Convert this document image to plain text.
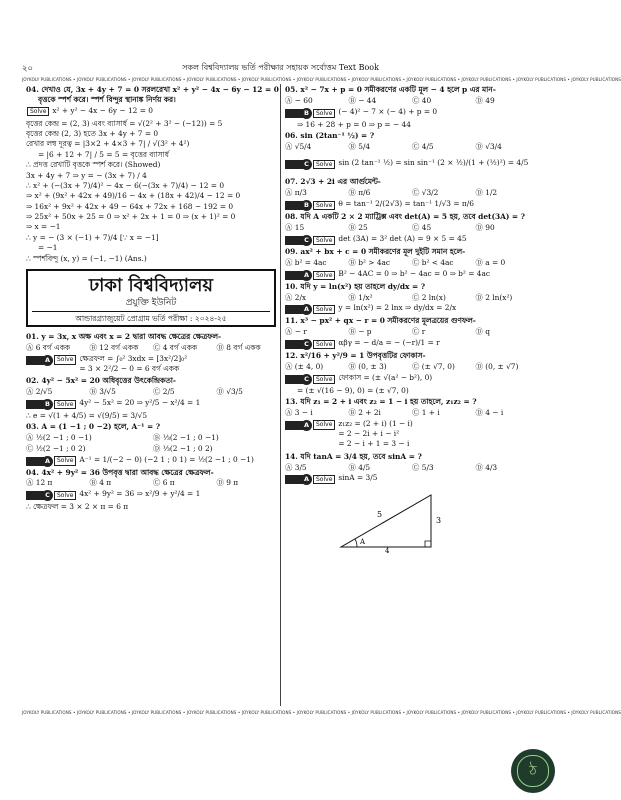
২০	সকল বিশ্ববিদ্যালয় ভর্তি পরীক্ষার সহায়ক সর্বোত্তম Text Book
JOYKOLY PUBLICATIONS • JOYKOLY PUBLICATIONS • JOYKOLY PUBLICATIONS • JOYKOLY PUBLICATIONS • JOYKOLY PUBLICATIONS • JOYKOLY PUBLICATIONS • JOYKOLY PUBLICATIONS • JOYKOLY PUBLICATIONS • JOYKOLY PUBLICATIONS • JOYKOLY PUBLICATIONS • JOYKOLY PUBLICATIONS
04. দেখাও যে, 3x + 4y + 7 = 0 সরলরেখা x² + y² − 4x − 6y − 12 = 0
বৃত্তকে স্পর্শ করে। স্পর্শ বিন্দুর স্থানাঙ্ক নির্ণয় কর।
Solve x² + y² − 4x − 6y − 12 = 0
বৃত্তের কেন্দ্র = (2, 3) এবং ব্যাসার্ধ = √(2² + 3² − (−12)) = 5
বৃত্তের কেন্দ্র (2, 3) হতে 3x + 4y + 7 = 0
রেখার লম্ব দূরত্ব = |3×2 + 4×3 + 7| / √(3² + 4²)
= |6 + 12 + 7| / 5 = 5 = বৃত্তের ব্যাসার্ধ
∴ প্রদত্ত রেখাটি বৃত্তকে স্পর্শ করে। (Showed)
3x + 4y + 7 ⇒ y = − (3x + 7) / 4
∴ x² + (−(3x + 7)/4)² − 4x − 6(−(3x + 7)/4) − 12 = 0
⇒ x² + (9x² + 42x + 49)/16 − 4x + (18x + 42)/4 − 12 = 0
⇒ 16x² + 9x² + 42x + 49 − 64x + 72x + 168 − 192 = 0
⇒ 25x² + 50x + 25 = 0 ⇒ x² + 2x + 1 = 0 ⇒ (x + 1)² = 0
⇒ x = −1
∴ y = − (3 × (−1) + 7)/4 [∵ x = −1]
= −1
∴ স্পর্শবিন্দু (x, y) = (−1, −1) (Ans.)
ঢাকা বিশ্ববিদ্যালয়
প্রযুক্তি ইউনিট
আন্ডারগ্র্যাজুয়েট প্রোগ্রাম ভর্তি পরীক্ষা : ২০২৪-২৫
01. y = 3x, x অক্ষ এবং x = 2 দ্বারা আবদ্ধ ক্ষেত্রের ক্ষেত্রফল-
Ⓐ 6 বর্গ একক	Ⓑ 12 বর্গ একক	Ⓒ 4 বর্গ একক	Ⓓ 8 বর্গ একক
A	Solve ক্ষেত্রফল = ∫₀² 3xdx = [3x²/2]₀²
= 3 × 2²/2 − 0 = 6 বর্গ একক
02. 4y² − 5x² = 20 অধিবৃত্তের উৎকেন্দ্রিকতা-
Ⓐ 2/√5	Ⓑ 3/√5	Ⓒ 2/5	Ⓓ √3/5
B	Solve 4y² − 5x² = 20 ⇒ y²/5 − x²/4 = 1
∴ e = √(1 + 4/5) = √(9/5) = 3/√5
03. A = (1 −1 ; 0 −2) হলে, A⁻¹ = ?
Ⓐ ½(2 −1 ; 0 −1)	Ⓑ ⅓(2 −1 ; 0 −1)
Ⓒ ½(2 −1 ; 0 2)	Ⓓ ⅓(2 −1 ; 0 2)
A	Solve A⁻¹ = 1/(−2 − 0) (−2 1 ; 0 1) = ½(2 −1 ; 0 −1)
04. 4x² + 9y² = 36 উপবৃত্ত দ্বারা আবদ্ধ ক্ষেত্রের ক্ষেত্রফল-
Ⓐ 12 π	Ⓑ 4 π	Ⓒ 6 π	Ⓓ 9 π
C	Solve 4x² + 9y² = 36 ⇒ x²/9 + y²/4 = 1
∴ ক্ষেত্রফল = 3 × 2 × π = 6 π
05. x² − 7x + p = 0 সমীকরণের একটি মূল − 4 হলে p এর মান-
Ⓐ − 60	Ⓑ − 44	Ⓒ 40	Ⓓ 49
B	Solve (− 4)² − 7 × (− 4) + p = 0
⇒ 16 + 28 + p = 0 ⇒ p = − 44
06. sin (2tan⁻¹ ½) = ?
Ⓐ √5/4	Ⓑ 5/4	Ⓒ 4/5	Ⓓ √3/4
C	Solve sin (2 tan⁻¹ ½) = sin sin⁻¹ (2 × ½)/(1 + (½)²) = 4/5
07. 2√3 + 2i এর আর্গুমেন্ট-
Ⓐ π/3	Ⓑ π/6	Ⓒ √3/2	Ⓓ 1/2
B	Solve θ = tan⁻¹ 2/(2√3) = tan⁻¹ 1/√3 = π/6
08. যদি A একটি 2 × 2 ম্যাট্রিক্স এবং det(A) = 5 হয়, তবে det(3A) = ?
Ⓐ 15	Ⓑ 25	Ⓒ 45	Ⓓ 90
C	Solve det (3A) = 3² det (A) = 9 × 5 = 45
09. ax² + bx + c = 0 সমীকরণের মূল দুইটি সমান হলে-
Ⓐ b² = 4ac	Ⓑ b² > 4ac	Ⓒ b² < 4ac	Ⓓ a = 0
A	Solve B² − 4AC = 0 ⇒ b² − 4ac = 0 ⇒ b² = 4ac
10. যদি y = ln(x²) হয় তাহলে dy/dx = ?
Ⓐ 2/x	Ⓑ 1/x²	Ⓒ 2 ln(x)	Ⓓ 2 ln(x²)
A	Solve y = ln(x²) = 2 lnx ⇒ dy/dx = 2/x
11. x³ − px² + qx − r = 0 সমীকরণের মূলত্রয়ের গুণফল-
Ⓐ − r	Ⓑ − p	Ⓒ r	Ⓓ q
C	Solve αβγ = − d/a = − (−r)/1 = r
12. x²/16 + y²/9 = 1 উপবৃত্তটির ফোকাস-
Ⓐ (± 4, 0)	Ⓑ (0, ± 3)	Ⓒ (± √7, 0)	Ⓓ (0, ± √7)
C	Solve ফোকাস = (± √(a² − b²), 0)
= (± √(16 − 9), 0) = (± √7, 0)
13. যদি z₁ = 2 + i এবং z₂ = 1 − i হয় তাহলে, z₁z₂ = ?
Ⓐ 3 − i	Ⓑ 2 + 2i	Ⓒ 1 + i	Ⓓ 4 − i
A	Solve z₁z₂ = (2 + i) (1 − i)
= 2 − 2i + i − i²
= 2 − i + 1 = 3 − i
14. যদি tanA = 3/4 হয়, তবে sinA = ?
Ⓐ 3/5	Ⓑ 4/5	Ⓒ 5/3	Ⓓ 4/3
A	Solve sinA = 3/5
5
3
4
A
JOYKOLY PUBLICATIONS • JOYKOLY PUBLICATIONS • JOYKOLY PUBLICATIONS • JOYKOLY PUBLICATIONS • JOYKOLY PUBLICATIONS • JOYKOLY PUBLICATIONS • JOYKOLY PUBLICATIONS • JOYKOLY PUBLICATIONS • JOYKOLY PUBLICATIONS • JOYKOLY PUBLICATIONS • JOYKOLY PUBLICATIONS
ঠ
